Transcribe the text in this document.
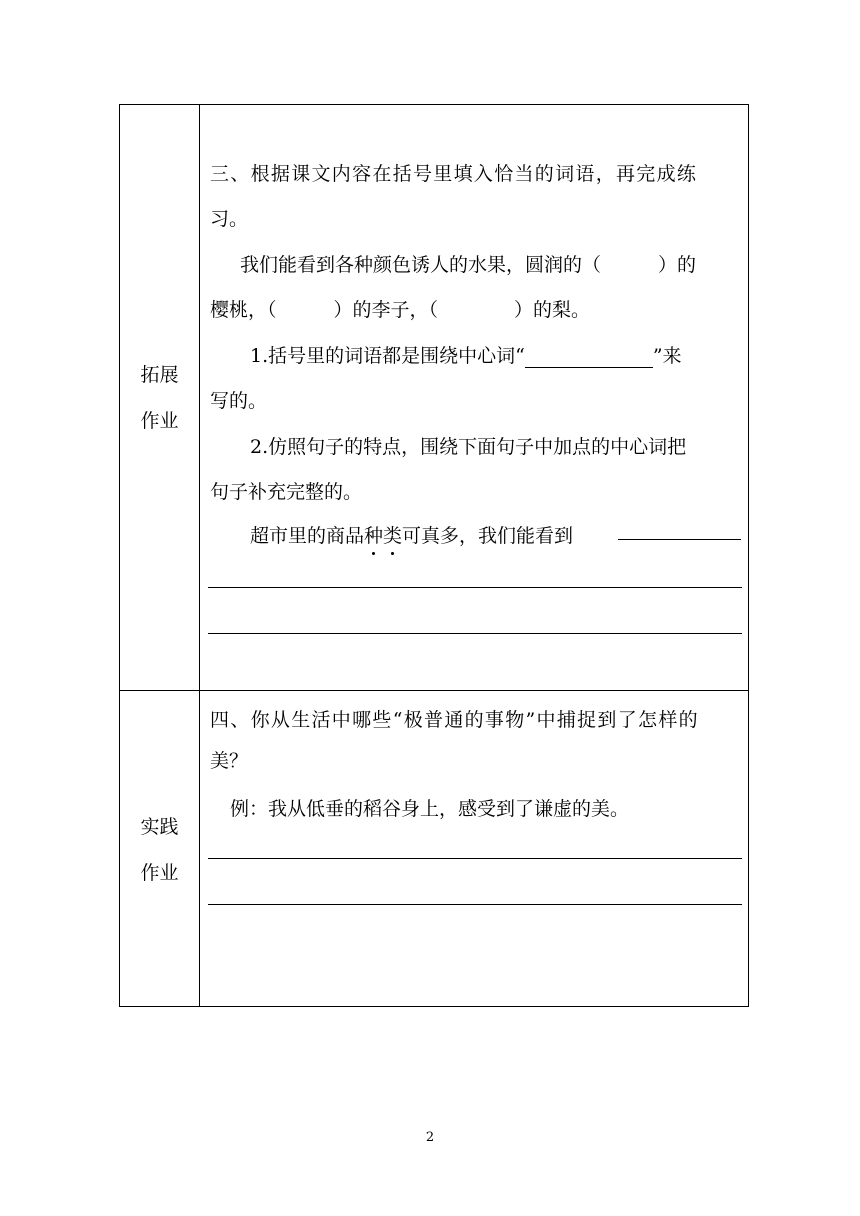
拓展
作业
实践
作业
三、根据课文内容在括号里填入恰当的词语，再完成练
习。
我们能看到各种颜色诱人的水果，圆润的（　　　）的
樱桃，（　　　）的李子，（　　　　）的梨。
1.括号里的词语都是围绕中心词“	”来
写的。
2.仿照句子的特点，围绕下面句子中加点的中心词把
句子补充完整的。
超市里的商品种类可真多，我们能看到
四、你从生活中哪些“极普通的事物”中捕捉到了怎样的
美？
例：我从低垂的稻谷身上，感受到了谦虚的美。
2
